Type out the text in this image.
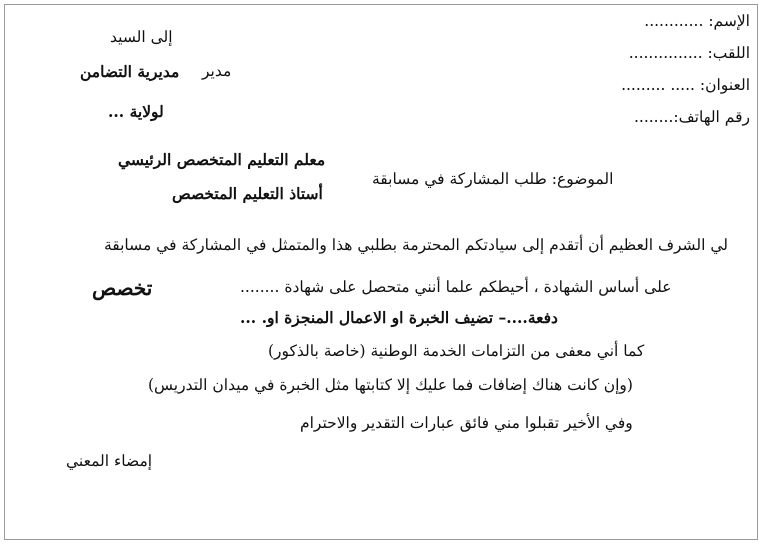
الإسم: ............
اللقب: ...............
العنوان: ..... .........
رقم الهاتف:........
إلى السيد
مدير
مديرية التضامن
لولاية ...
الموضوع: طلب المشاركة في مسابقة
معلم التعليم المتخصص الرئيسي
أستاذ التعليم المتخصص
لي الشرف العظيم أن أتقدم إلى سيادتكم المحترمة بطلبي هذا والمتمثل في المشاركة في مسابقة
على أساس الشهادة ، أحيطكم علما أنني متحصل على شهادة ........
تخصص
دفعة....– تضيف الخبرة او الاعمال المنجزة او. ...
كما أني معفى من التزامات الخدمة الوطنية (خاصة بالذكور)
(وإن كانت هناك إضافات فما عليك إلا كتابتها مثل الخبرة في ميدان التدريس)
وفي الأخير تقبلوا مني فائق عبارات التقدير والاحترام
إمضاء المعني
